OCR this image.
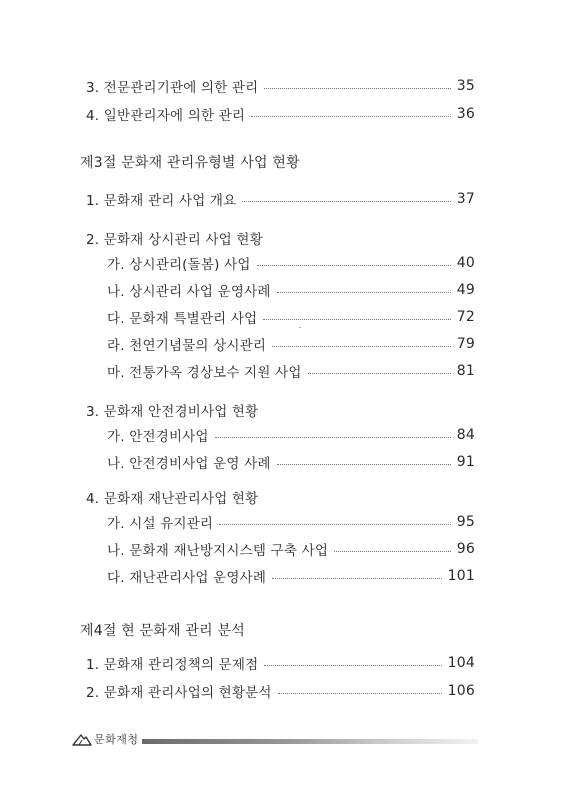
3. 전문관리기관에 의한 관리	35
4. 일반관리자에 의한 관리	36
제3절 문화재 관리유형별 사업 현황
1. 문화재 관리 사업 개요	37
2. 문화재 상시관리 사업 현황
가. 상시관리(돌봄) 사업	40
나. 상시관리 사업 운영사례	49
다. 문화재 특별관리 사업	72
라. 천연기념물의 상시관리	79
마. 전통가옥 경상보수 지원 사업	81
3. 문화재 안전경비사업 현황
가. 안전경비사업	84
나. 안전경비사업 운영 사례	91
4. 문화재 재난관리사업 현황
가. 시설 유지관리	95
나. 문화재 재난방지시스템 구축 사업	96
다. 재난관리사업 운영사례	101
제4절 현 문화재 관리 분석
1. 문화재 관리정책의 문제점	104
2. 문화재 관리사업의 현황분석	106
문화재청
